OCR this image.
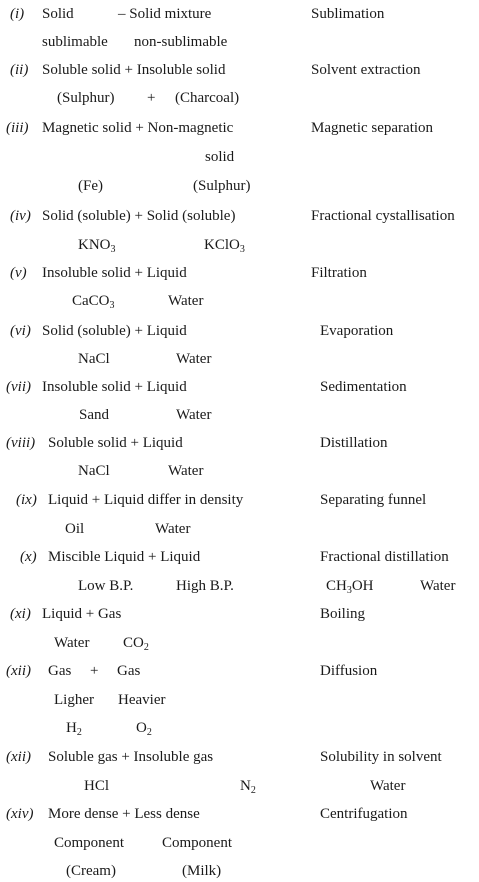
(i) Solid	– Solid mixture	Sublimation
sublimable non-sublimable
(ii) Soluble solid + Insoluble solid	Solvent extraction
(Sulphur) + (Charcoal)
(iii) Magnetic solid + Non-magnetic	Magnetic separation
solid
(Fe)	(Sulphur)
(iv) Solid (soluble) + Solid (soluble)	Fractional cystallisation
$KNO_3$	KClO$_3$
(v) Insoluble solid + Liquid	Filtration
CaCO$_3$	Water
(vi) Solid (soluble) + Liquid	Evaporation
NaCl	Water
(vii) Insoluble solid + Liquid	Sedimentation
Sand	Water
(viii) Soluble solid + Liquid	Distillation
NaCl	Water
(ix) Liquid + Liquid differ in density	Separating funnel
Oil	Water
(x) Miscible Liquid + Liquid	Fractional distillation
Low B.P.	High B.P.	$CH_3OH$	Water
(xi) Liquid + Gas	Boiling
Water $CO_2$
(xii) Gas + Gas	Diffusion
Ligher Heavier
$H_2$	$O_2$
(xii) Soluble gas + Insoluble gas	Solubility in solvent
HCl	$N_2$	Water
(xiv) More dense + Less dense	Centrifugation
Component	Component
(Cream)	(Milk)
